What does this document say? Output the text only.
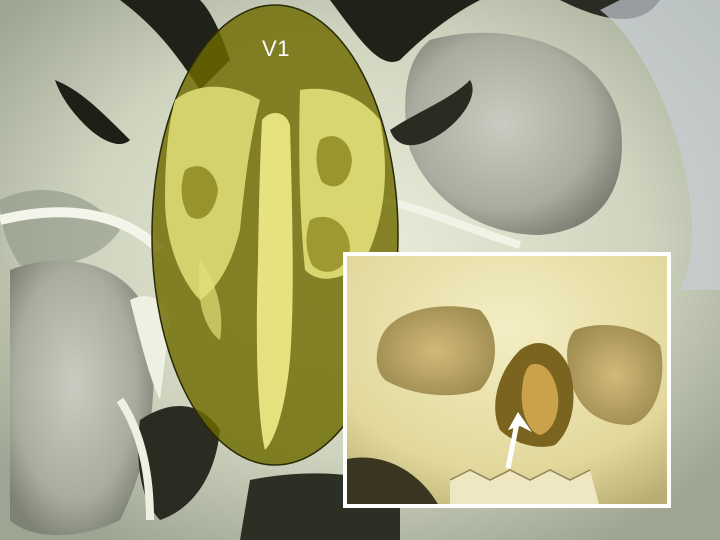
V1
